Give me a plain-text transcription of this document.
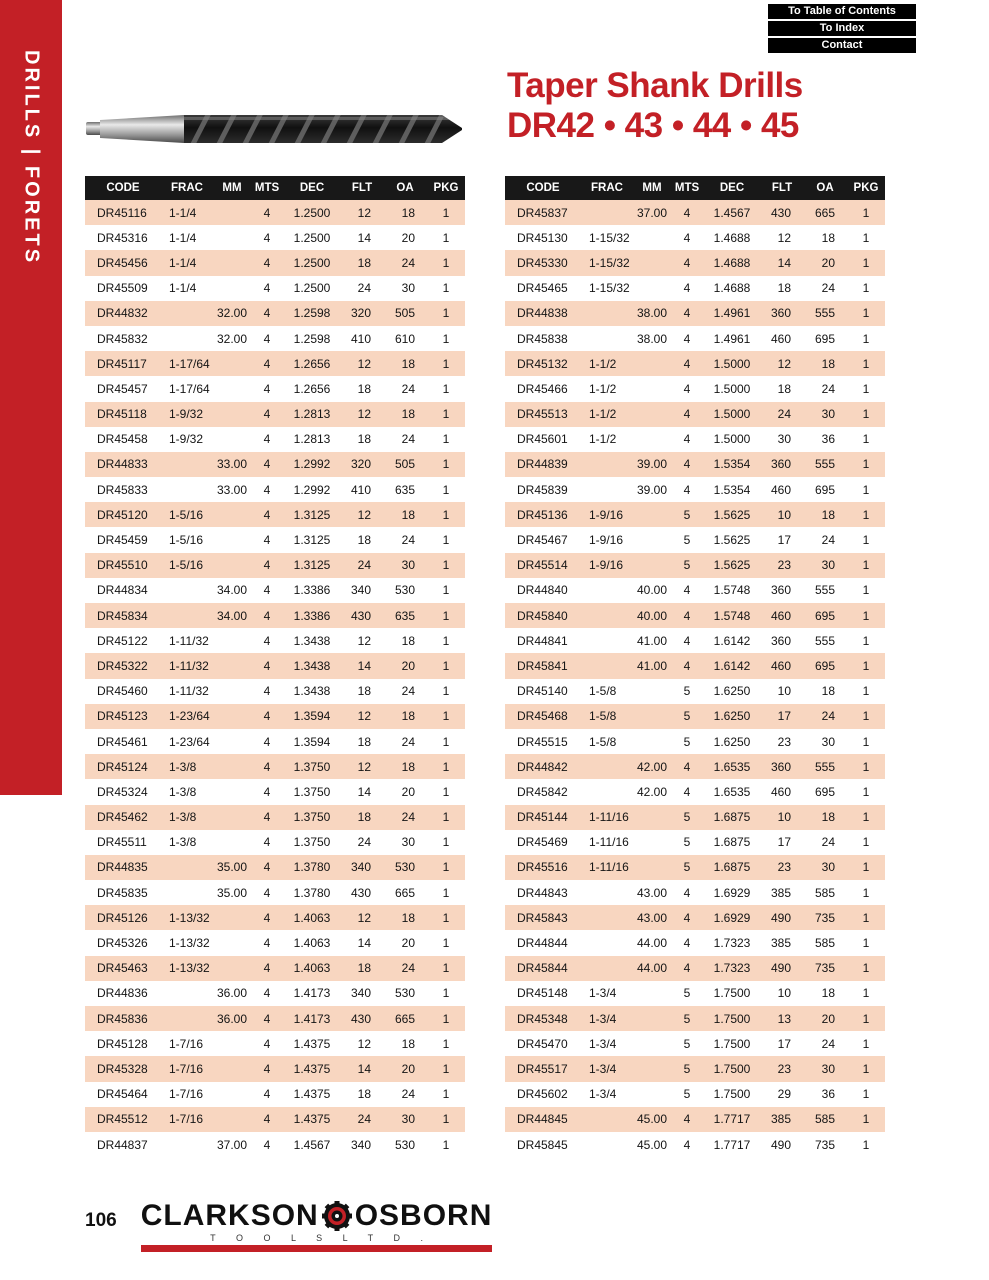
DRILLS | FORETS
To Table of Contents
To Index
Contact
Taper Shank Drills
DR42 • 43 • 44 • 45
CODE	FRAC	MM	MTS	DEC	FLT	OA	PKG
DR45116	1-1/4		4	1.2500	12	18	1
DR45316	1-1/4		4	1.2500	14	20	1
DR45456	1-1/4		4	1.2500	18	24	1
DR45509	1-1/4		4	1.2500	24	30	1
DR44832		32.00	4	1.2598	320	505	1
DR45832		32.00	4	1.2598	410	610	1
DR45117	1-17/64		4	1.2656	12	18	1
DR45457	1-17/64		4	1.2656	18	24	1
DR45118	1-9/32		4	1.2813	12	18	1
DR45458	1-9/32		4	1.2813	18	24	1
DR44833		33.00	4	1.2992	320	505	1
DR45833		33.00	4	1.2992	410	635	1
DR45120	1-5/16		4	1.3125	12	18	1
DR45459	1-5/16		4	1.3125	18	24	1
DR45510	1-5/16		4	1.3125	24	30	1
DR44834		34.00	4	1.3386	340	530	1
DR45834		34.00	4	1.3386	430	635	1
DR45122	1-11/32		4	1.3438	12	18	1
DR45322	1-11/32		4	1.3438	14	20	1
DR45460	1-11/32		4	1.3438	18	24	1
DR45123	1-23/64		4	1.3594	12	18	1
DR45461	1-23/64		4	1.3594	18	24	1
DR45124	1-3/8		4	1.3750	12	18	1
DR45324	1-3/8		4	1.3750	14	20	1
DR45462	1-3/8		4	1.3750	18	24	1
DR45511	1-3/8		4	1.3750	24	30	1
DR44835		35.00	4	1.3780	340	530	1
DR45835		35.00	4	1.3780	430	665	1
DR45126	1-13/32		4	1.4063	12	18	1
DR45326	1-13/32		4	1.4063	14	20	1
DR45463	1-13/32		4	1.4063	18	24	1
DR44836		36.00	4	1.4173	340	530	1
DR45836		36.00	4	1.4173	430	665	1
DR45128	1-7/16		4	1.4375	12	18	1
DR45328	1-7/16		4	1.4375	14	20	1
DR45464	1-7/16		4	1.4375	18	24	1
DR45512	1-7/16		4	1.4375	24	30	1
DR44837		37.00	4	1.4567	340	530	1
CODE	FRAC	MM	MTS	DEC	FLT	OA	PKG
DR45837		37.00	4	1.4567	430	665	1
DR45130	1-15/32		4	1.4688	12	18	1
DR45330	1-15/32		4	1.4688	14	20	1
DR45465	1-15/32		4	1.4688	18	24	1
DR44838		38.00	4	1.4961	360	555	1
DR45838		38.00	4	1.4961	460	695	1
DR45132	1-1/2		4	1.5000	12	18	1
DR45466	1-1/2		4	1.5000	18	24	1
DR45513	1-1/2		4	1.5000	24	30	1
DR45601	1-1/2		4	1.5000	30	36	1
DR44839		39.00	4	1.5354	360	555	1
DR45839		39.00	4	1.5354	460	695	1
DR45136	1-9/16		5	1.5625	10	18	1
DR45467	1-9/16		5	1.5625	17	24	1
DR45514	1-9/16		5	1.5625	23	30	1
DR44840		40.00	4	1.5748	360	555	1
DR45840		40.00	4	1.5748	460	695	1
DR44841		41.00	4	1.6142	360	555	1
DR45841		41.00	4	1.6142	460	695	1
DR45140	1-5/8		5	1.6250	10	18	1
DR45468	1-5/8		5	1.6250	17	24	1
DR45515	1-5/8		5	1.6250	23	30	1
DR44842		42.00	4	1.6535	360	555	1
DR45842		42.00	4	1.6535	460	695	1
DR45144	1-11/16		5	1.6875	10	18	1
DR45469	1-11/16		5	1.6875	17	24	1
DR45516	1-11/16		5	1.6875	23	30	1
DR44843		43.00	4	1.6929	385	585	1
DR45843		43.00	4	1.6929	490	735	1
DR44844		44.00	4	1.7323	385	585	1
DR45844		44.00	4	1.7323	490	735	1
DR45148	1-3/4		5	1.7500	10	18	1
DR45348	1-3/4		5	1.7500	13	20	1
DR45470	1-3/4		5	1.7500	17	24	1
DR45517	1-3/4		5	1.7500	23	30	1
DR45602	1-3/4		5	1.7500	29	36	1
DR44845		45.00	4	1.7717	385	585	1
DR45845		45.00	4	1.7717	490	735	1
106 CLARKSON OSBORN
T O O L S L T D .
